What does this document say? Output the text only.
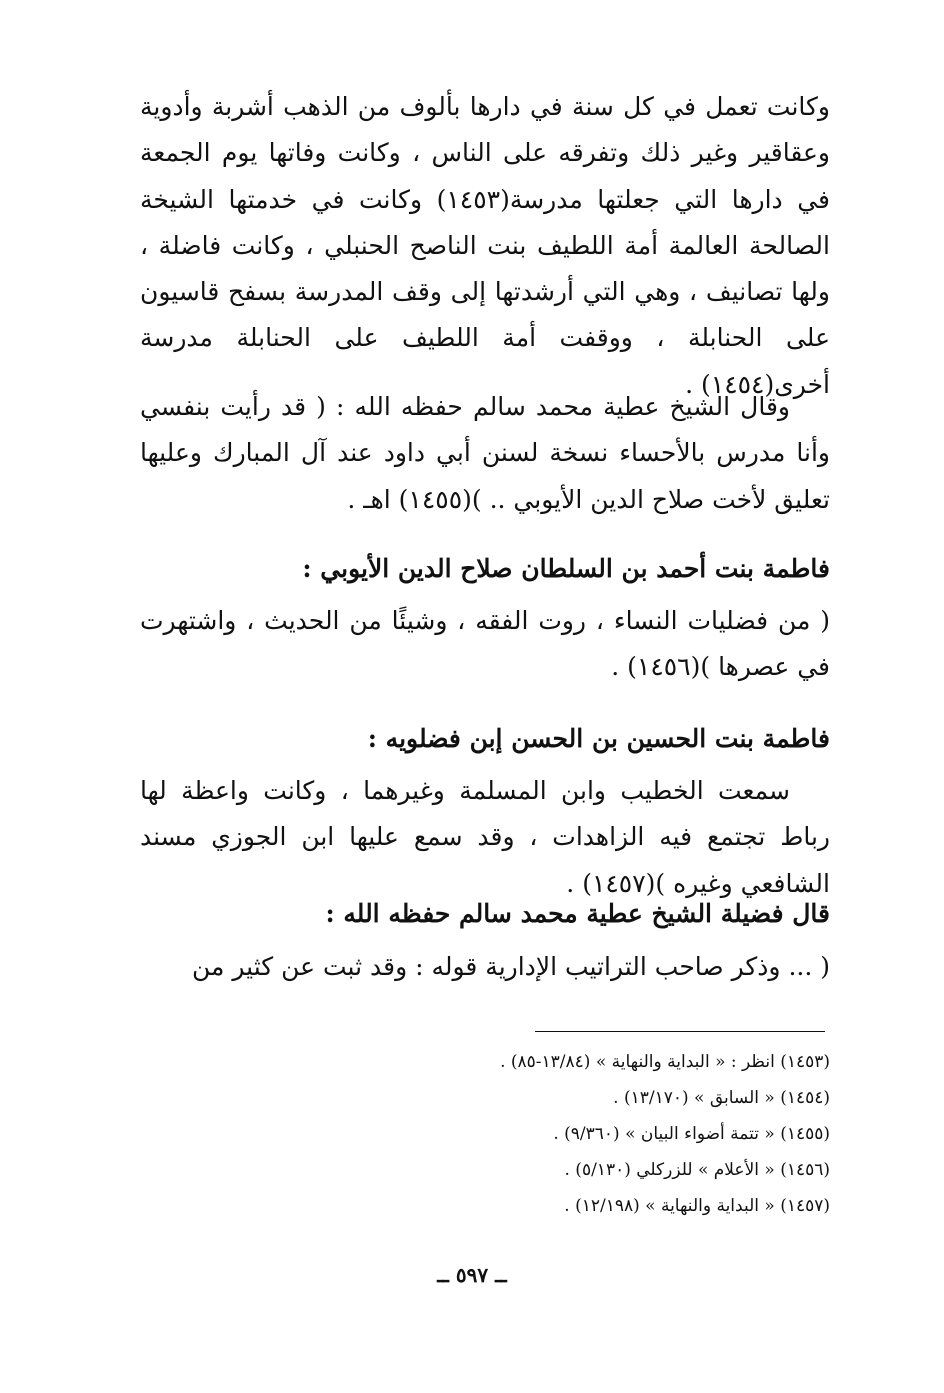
وكانت تعمل في كل سنة في دارها بألوف من الذهب أشربة وأدوية وعقاقير وغير ذلك وتفرقه على الناس ، وكانت وفاتها يوم الجمعة في دارها التي جعلتها مدرسة(١٤٥٣) وكانت في خدمتها الشيخة الصالحة العالمة أمة اللطيف بنت الناصح الحنبلي ، وكانت فاضلة ، ولها تصانيف ، وهي التي أرشدتها إلى وقف المدرسة بسفح قاسيون على الحنابلة ، ووقفت أمة اللطيف على الحنابلة مدرسة أخرى(١٤٥٤) .

وقال الشيخ عطية محمد سالم حفظه الله : ( قد رأيت بنفسي وأنا مدرس بالأحساء نسخة لسنن أبي داود عند آل المبارك وعليها تعليق لأخت صلاح الدين الأيوبي .. )(١٤٥٥) اهـ .

فاطمة بنت أحمد بن السلطان صلاح الدين الأيوبي :

( من فضليات النساء ، روت الفقه ، وشيئًا من الحديث ، واشتهرت في عصرها )(١٤٥٦) .

فاطمة بنت الحسين بن الحسن إبن فضلويه :

سمعت الخطيب وابن المسلمة وغيرهما ، وكانت واعظة لها رباط تجتمع فيه الزاهدات ، وقد سمع عليها ابن الجوزي مسند الشافعي وغيره )(١٤٥٧) .

قال فضيلة الشيخ عطية محمد سالم حفظه الله :

( ... وذكر صاحب التراتيب الإدارية قوله : وقد ثبت عن كثير من

(١٤٥٣) انظر : « البداية والنهاية » (١٣/٨٤-٨٥) .
(١٤٥٤) « السابق » (١٣/١٧٠) .
(١٤٥٥) « تتمة أضواء البيان » (٩/٣٦٠) .
(١٤٥٦) « الأعلام » للزركلي (٥/١٣٠) .
(١٤٥٧) « البداية والنهاية » (١٢/١٩٨) .
ــ ٥٩٧ ــ
